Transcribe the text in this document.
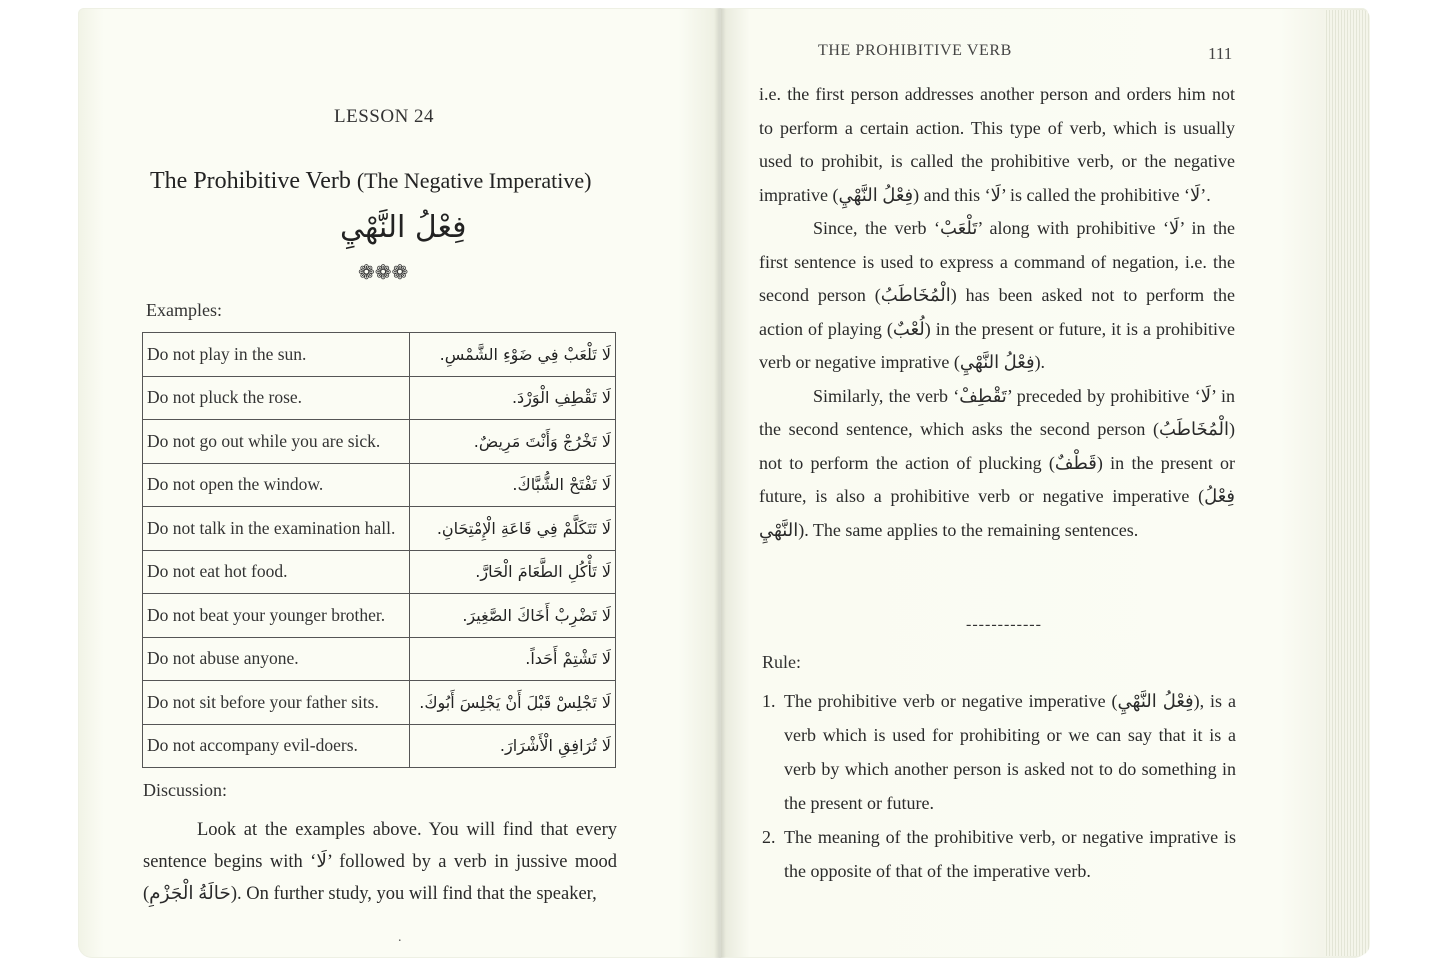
LESSON 24
The Prohibitive Verb (The Negative Imperative)
فِعْلُ النَّهْيِ
❁❁❁
Examples:
Do not play in the sun.	لَا تَلْعَبْ فِي ضَوْءِ الشَّمْسِ.
Do not pluck the rose.	لَا تَقْطِفِ الْوَرْدَ.
Do not go out while you are sick.	لَا تَخْرُجْ وَأَنْتَ مَرِيضٌ.
Do not open the window.	لَا تَفْتَحْ الشُّبَّاكَ.
Do not talk in the examination hall.	لَا تَتَكَلَّمْ فِي قَاعَةِ الْإِمْتِحَانِ.
Do not eat hot food.	لَا تَأْكُلِ الطَّعَامَ الْحَارَّ.
Do not beat your younger brother.	لَا تَضْرِبْ أَخَاكَ الصَّغِيرَ.
Do not abuse anyone.	لَا تَشْتِمْ أَحَداً.
Do not sit before your father sits.	لَا تَجْلِسْ قَبْلَ أَنْ يَجْلِسَ أَبُوكَ.
Do not accompany evil-doers.	لَا تُرَافِقِ الْأَشْرَارَ.
Discussion:

Look at the examples above. You will find that every sentence begins with ‘لَا’ followed by a verb in jussive mood (حَالَةُ الْجَزْمِ). On further study, you will find that the speaker,

.
THE PROHIBITIVE VERB	111

i.e. the first person addresses another person and orders him not to perform a certain action. This type of verb, which is usually used to prohibit, is called the prohibitive verb, or the negative imprative (فِعْلُ النَّهْيِ) and this ‘لَا’ is called the prohibitive ‘لَا’.

Since, the verb ‘تَلْعَبْ’ along with prohibitive ‘لَا’ in the first sentence is used to express a command of negation, i.e. the second person (الْمُخَاطَبُ) has been asked not to perform the action of playing (لُعْبٌ) in the present or future, it is a prohibitive verb or negative imprative (فِعْلُ النَّهْيِ).

Similarly, the verb ‘تَقْطِفْ’ preceded by prohibitive ‘لَا’ in the second sentence, which asks the second person (الْمُخَاطَبُ) not to perform the action of plucking (قَطْفٌ) in the present or future, is also a prohibitive verb or negative imperative (فِعْلُ النَّهْيِ). The same applies to the remaining sentences.

------------
Rule:
1. The prohibitive verb or negative imperative (فِعْلُ النَّهْيِ), is a verb which is used for prohibiting or we can say that it is a verb by which another person is asked not to do something in the present or future.
2. The meaning of the prohibitive verb, or negative imprative is the opposite of that of the imperative verb.
